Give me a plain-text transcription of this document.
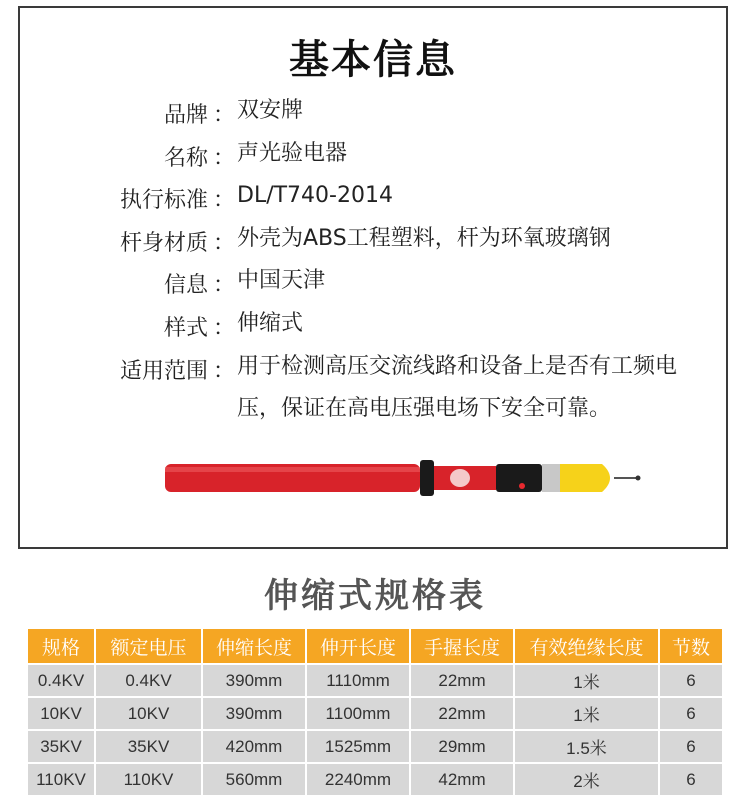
基本信息
品牌 ： 双安牌
名称 ： 声光验电器
执行标准 ： DL/T740-2014
杆身材质 ： 外壳为ABS工程塑料，杆为环氧玻璃钢
信息 ： 中国天津
样式 ： 伸缩式
适用范围 ： 用于检测高压交流线路和设备上是否有工频电压，保证在高电压强电场下安全可靠。
伸缩式规格表
规格	额定电压	伸缩长度	伸开长度	手握长度	有效绝缘长度	节数
0.4KV	0.4KV	390mm	1110mm	22mm	1米	6
10KV	10KV	390mm	1100mm	22mm	1米	6
35KV	35KV	420mm	1525mm	29mm	1.5米	6
110KV	110KV	560mm	2240mm	42mm	2米	6
